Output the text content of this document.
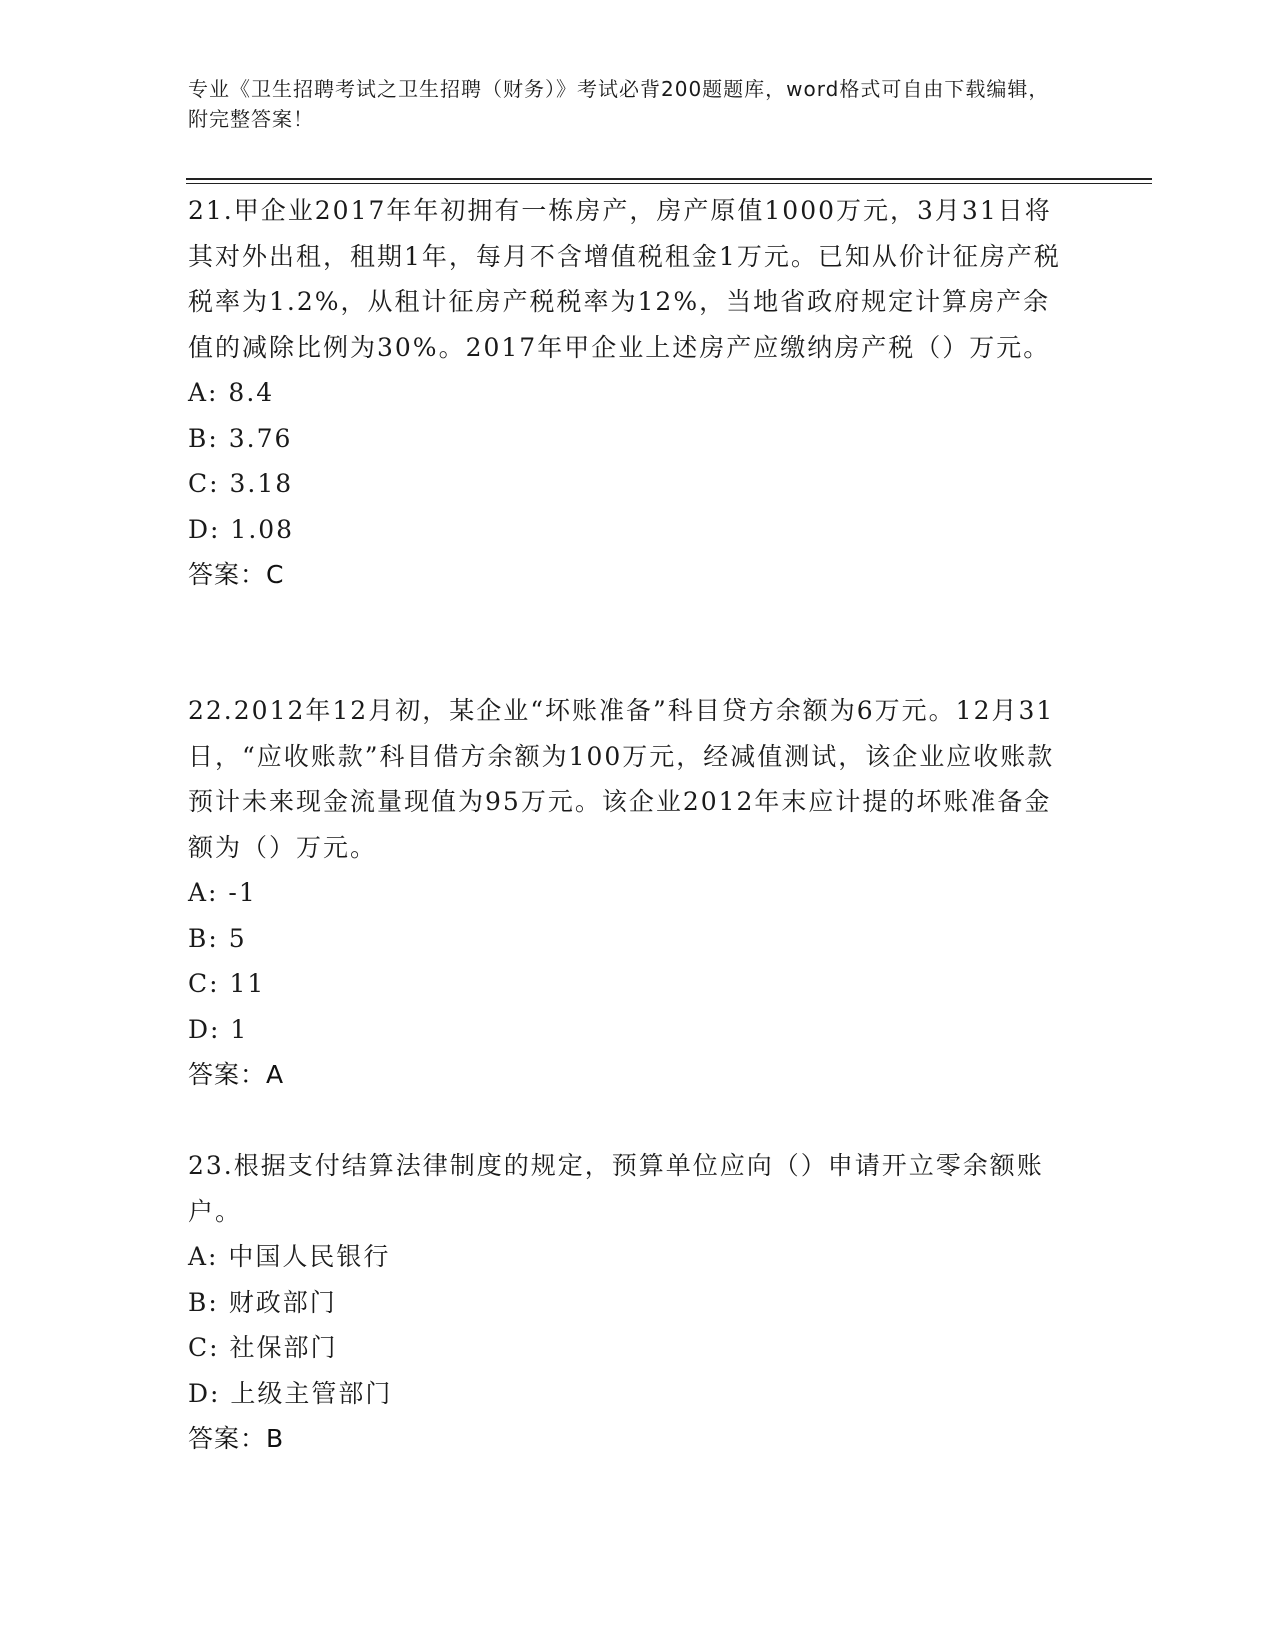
专业《卫生招聘考试之卫生招聘（财务）》考试必背200题题库，word格式可自由下载编辑，附完整答案！

21.甲企业2017年年初拥有一栋房产，房产原值1000万元，3月31日将其对外出租，租期1年，每月不含增值税租金1万元。已知从价计征房产税税率为1.2%，从租计征房产税税率为12%，当地省政府规定计算房产余值的减除比例为30%。2017年甲企业上述房产应缴纳房产税（）万元。

A: 8.4
B: 3.76
C: 3.18
D: 1.08

答案：C

22.2012年12月初，某企业“坏账准备”科目贷方余额为6万元。12月31日，“应收账款”科目借方余额为100万元，经减值测试，该企业应收账款预计未来现金流量现值为95万元。该企业2012年末应计提的坏账准备金额为（）万元。

A: -1
B: 5
C: 11
D: 1

答案：A

23.根据支付结算法律制度的规定，预算单位应向（）申请开立零余额账户。

A: 中国人民银行
B: 财政部门
C: 社保部门
D: 上级主管部门

答案：B
